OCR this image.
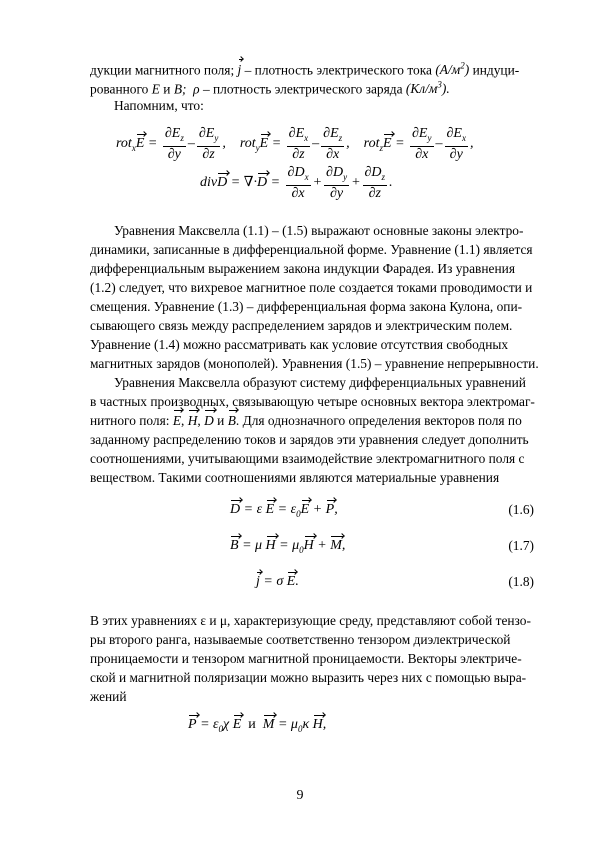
дукции магнитного поля; j – плотность электрического тока $(А/м^2)$ индуци-
рованного E и B; ρ – плотность электрического заряда $(Кл/м^3)$.
Напомним, что:
$rot_xE = \frac{\partial E_z}{\partial y} - \frac{\partial E_y}{\partial z}$ , $rot_yE = \frac{\partial E_x}{\partial z} - \frac{\partial E_z}{\partial x}$ , $rot_zE = \frac{\partial E_y}{\partial x} - \frac{\partial E_x}{\partial y}$ ,
divD = $\nabla\cdot D = \frac{\partial D_x}{\partial x} + \frac{\partial D_y}{\partial y} + \frac{\partial D_z}{\partial z}$ .
Уравнения Максвелла (1.1) – (1.5) выражают основные законы электро-
динамики, записанные в дифференциальной форме. Уравнение (1.1) является
дифференциальным выражением закона индукции Фарадея. Из уравнения
(1.2) следует, что вихревое магнитное поле создается токами проводимости и
смещения. Уравнение (1.3) – дифференциальная форма закона Кулона, опи-
сывающего связь между распределением зарядов и электрическим полем.
Уравнение (1.4) можно рассматривать как условие отсутствия свободных
магнитных зарядов (монополей). Уравнения (1.5) – уравнение непрерывности.
Уравнения Максвелла образуют систему дифференциальных уравнений
в частных производных, связывающую четыре основных вектора электромаг-
нитного поля: E, H, D и B. Для однозначного определения векторов поля по
заданному распределению токов и зарядов эти уравнения следует дополнить
соотношениями, учитывающими взаимодействие электромагнитного поля с
веществом. Такими соотношениями являются материальные уравнения
D = ε $E = \varepsilon_0E + P$,	(1.6)
B = μ $H = \mu_0H + M$,	(1.7)
j = σ E.	(1.8)
В этих уравнениях ε и μ, характеризующие среду, представляют собой тензо-
ры второго ранга, называемые соответственно тензором диэлектрической
проницаемости и тензором магнитной проницаемости. Векторы электриче-
ской и магнитной поляризации можно выразить через них с помощью выра-
жений
$P = \varepsilon_0\chi$ E и $M = \mu_0\kappa$ H,
9
